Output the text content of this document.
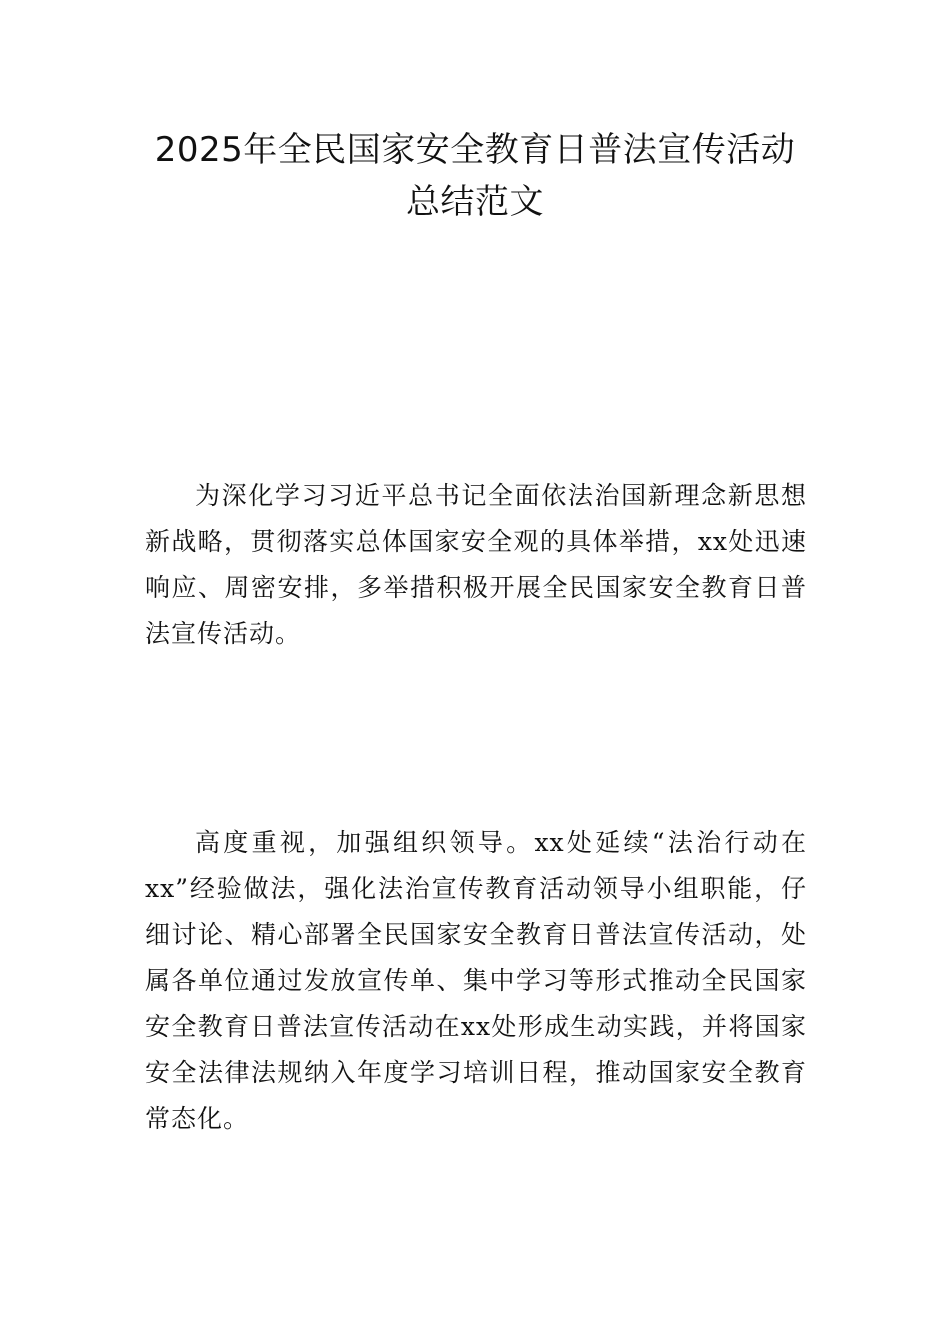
2025年全民国家安全教育日普法宣传活动
总结范文

为深化学习习近平总书记全面依法治国新理念新思想新战略，贯彻落实总体国家安全观的具体举措，xx处迅速响应、周密安排，多举措积极开展全民国家安全教育日普法宣传活动。

高度重视，加强组织领导。xx处延续“法治行动在xx”经验做法，强化法治宣传教育活动领导小组职能，仔细讨论、精心部署全民国家安全教育日普法宣传活动，处属各单位通过发放宣传单、集中学习等形式推动全民国家安全教育日普法宣传活动在xx处形成生动实践，并将国家安全法律法规纳入年度学习培训日程，推动国家安全教育常态化。
